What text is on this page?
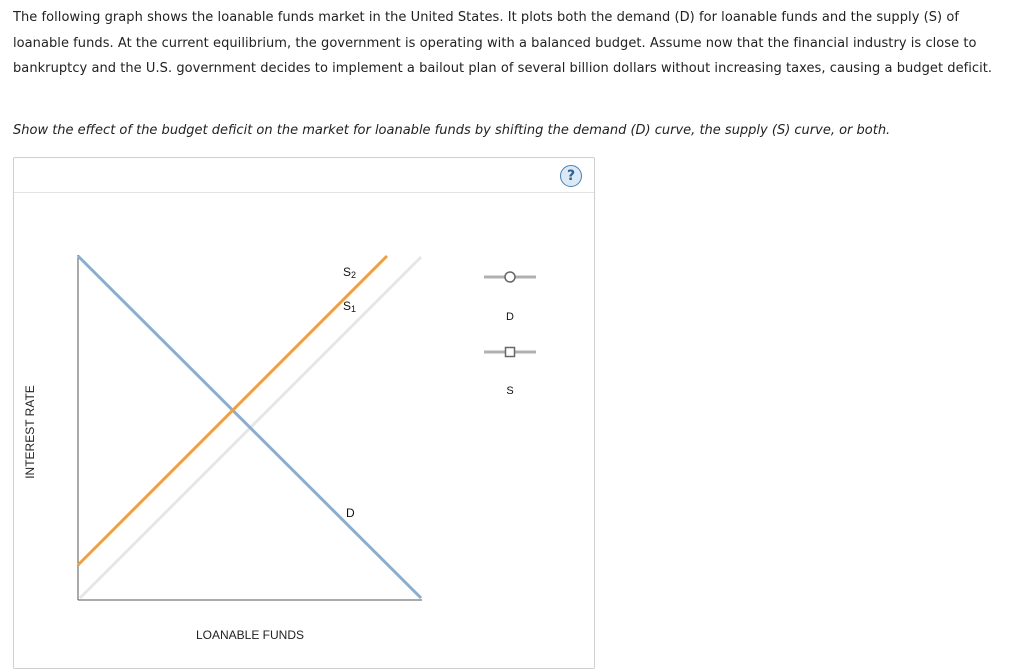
The following graph shows the loanable funds market in the United States. It plots both the demand (D) for loanable funds and the supply (S) of loanable funds. At the current equilibrium, the government is operating with a balanced budget. Assume now that the financial industry is close to bankruptcy and the U.S. government decides to implement a bailout plan of several billion dollars without increasing taxes, causing a budget deficit.
Show the effect of the budget deficit on the market for loanable funds by shifting the demand (D) curve, the supply (S) curve, or both.
?
INTEREST RATE
LOANABLE FUNDS
$S_2$
$S_1$
D
D
S
